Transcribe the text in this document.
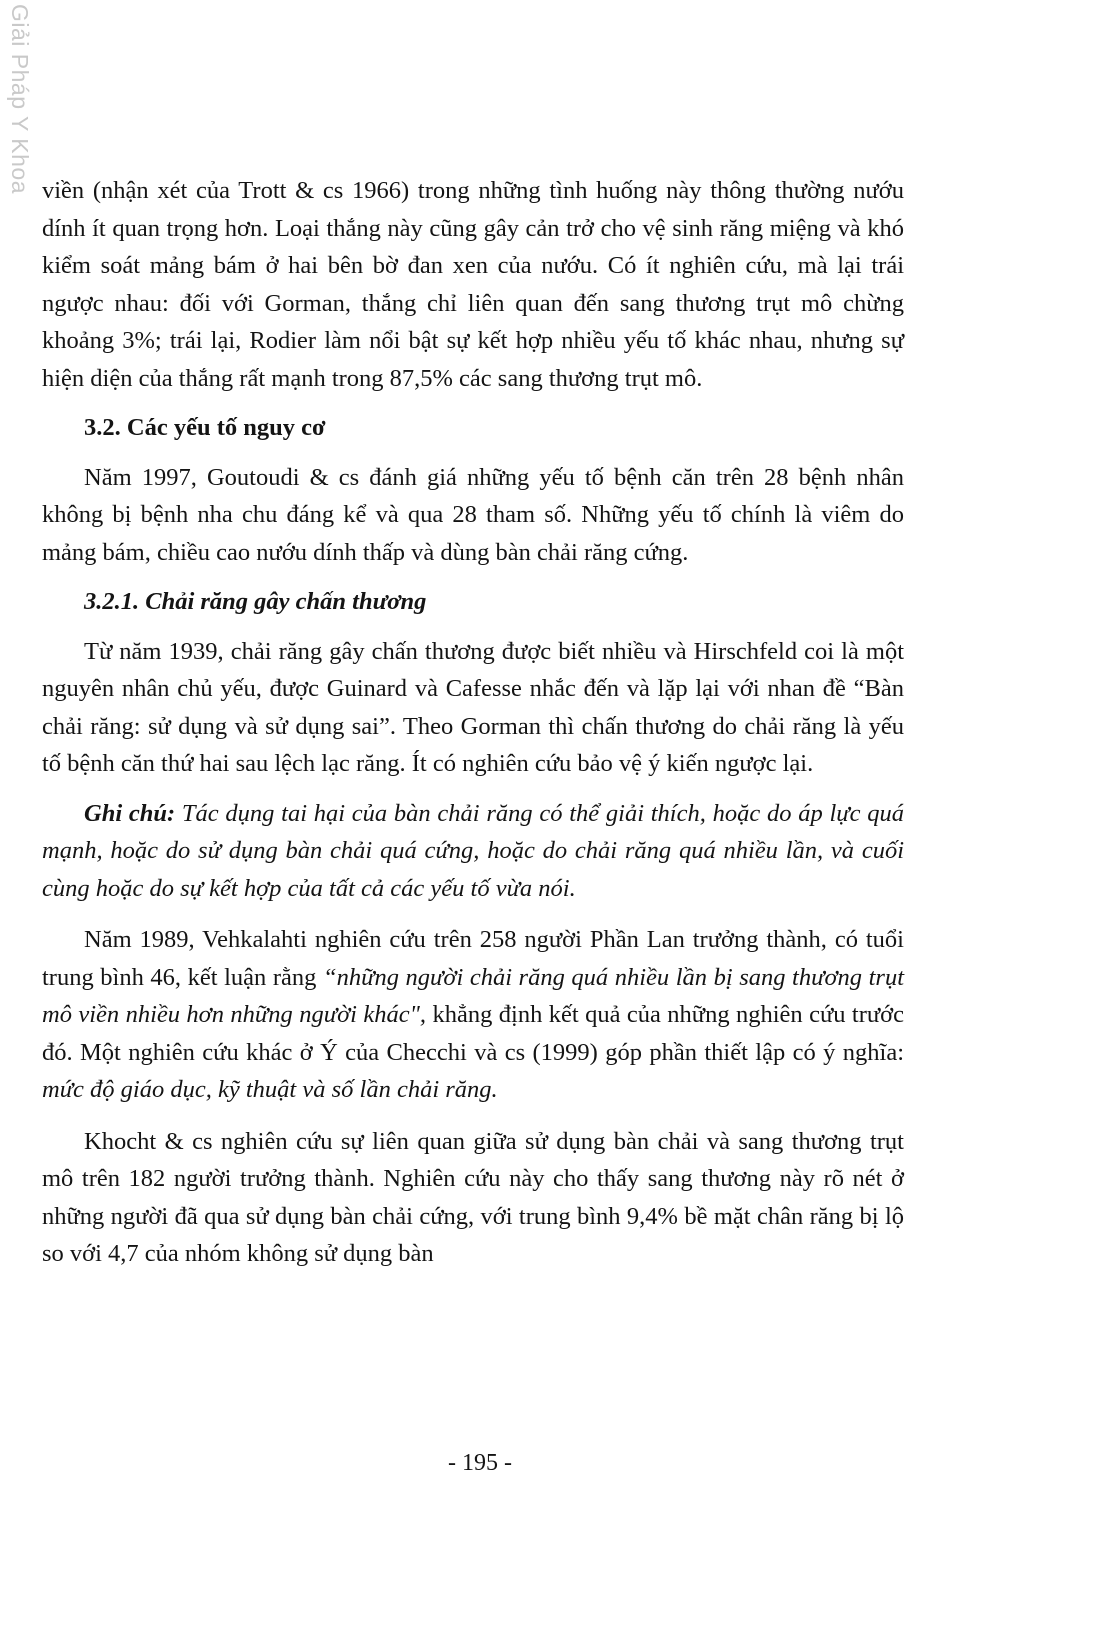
Giải Pháp Y Khoa viền (nhận xét của Trott & cs 1966) trong những tình huống này thông thường nướu dính ít quan trọng hơn. Loại thắng này cũng gây cản trở cho vệ sinh răng miệng và khó kiểm soát mảng bám ở hai bên bờ đan xen của nướu. Có ít nghiên cứu, mà lại trái ngược nhau: đối với Gorman, thắng chỉ liên quan đến sang thương trụt mô chừng khoảng 3%; trái lại, Rodier làm nổi bật sự kết hợp nhiều yếu tố khác nhau, nhưng sự hiện diện của thắng rất mạnh trong 87,5% các sang thương trụt mô.

3.2. Các yếu tố nguy cơ

Năm 1997, Goutoudi & cs đánh giá những yếu tố bệnh căn trên 28 bệnh nhân không bị bệnh nha chu đáng kể và qua 28 tham số. Những yếu tố chính là viêm do mảng bám, chiều cao nướu dính thấp và dùng bàn chải răng cứng.

3.2.1. Chải răng gây chấn thương

Từ năm 1939, chải răng gây chấn thương được biết nhiều và Hirschfeld coi là một nguyên nhân chủ yếu, được Guinard và Cafesse nhắc đến và lặp lại với nhan đề “Bàn chải răng: sử dụng và sử dụng sai”. Theo Gorman thì chấn thương do chải răng là yếu tố bệnh căn thứ hai sau lệch lạc răng. Ít có nghiên cứu bảo vệ ý kiến ngược lại.

Ghi chú: Tác dụng tai hại của bàn chải răng có thể giải thích, hoặc do áp lực quá mạnh, hoặc do sử dụng bàn chải quá cứng, hoặc do chải răng quá nhiều lần, và cuối cùng hoặc do sự kết hợp của tất cả các yếu tố vừa nói.

Năm 1989, Vehkalahti nghiên cứu trên 258 người Phần Lan trưởng thành, có tuổi trung bình 46, kết luận rằng “những người chải răng quá nhiều lần bị sang thương trụt mô viền nhiều hơn những người khác", khẳng định kết quả của những nghiên cứu trước đó. Một nghiên cứu khác ở Ý của Checchi và cs (1999) góp phần thiết lập có ý nghĩa: mức độ giáo dục, kỹ thuật và số lần chải răng.

Khocht & cs nghiên cứu sự liên quan giữa sử dụng bàn chải và sang thương trụt mô trên 182 người trưởng thành. Nghiên cứu này cho thấy sang thương này rõ nét ở những người đã qua sử dụng bàn chải cứng, với trung bình 9,4% bề mặt chân răng bị lộ so với 4,7 của nhóm không sử dụng bàn

- 195 -
